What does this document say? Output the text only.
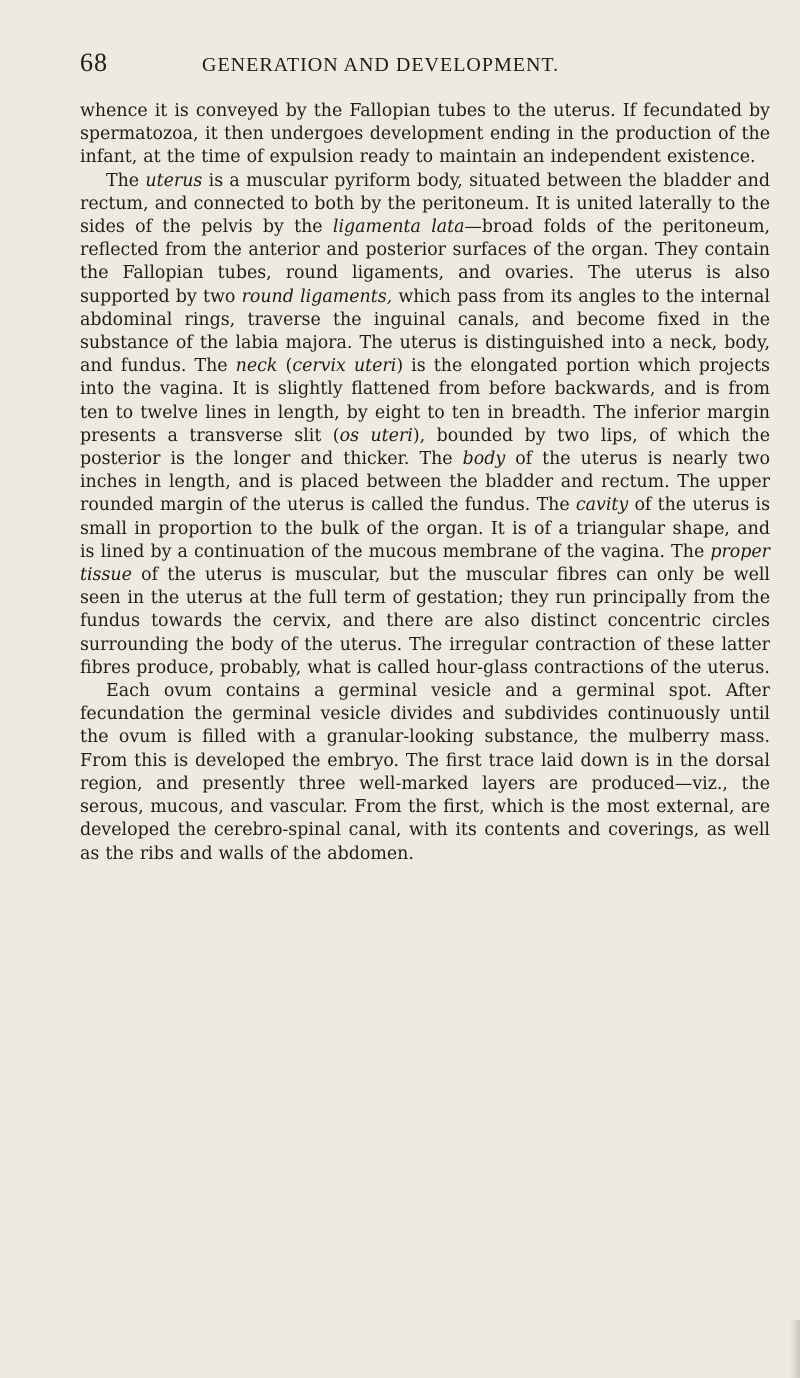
68	GENERATION AND DEVELOPMENT.

whence it is conveyed by the Fallopian tubes to the uterus. If fecundated by spermatozoa, it then undergoes development ending in the production of the infant, at the time of expulsion ready to maintain an independent existence.

The uterus is a muscular pyriform body, situated between the bladder and rectum, and connected to both by the peritoneum. It is united laterally to the sides of the pelvis by the ligamenta lata—broad folds of the peritoneum, reflected from the anterior and posterior surfaces of the organ. They contain the Fallopian tubes, round ligaments, and ovaries. The uterus is also supported by two round ligaments, which pass from its angles to the internal abdominal rings, traverse the inguinal canals, and become fixed in the substance of the labia majora. The uterus is distinguished into a neck, body, and fundus. The neck (cervix uteri) is the elongated portion which projects into the vagina. It is slightly flattened from before backwards, and is from ten to twelve lines in length, by eight to ten in breadth. The inferior margin presents a transverse slit (os uteri), bounded by two lips, of which the posterior is the longer and thicker. The body of the uterus is nearly two inches in length, and is placed between the bladder and rectum. The upper rounded margin of the uterus is called the fundus. The cavity of the uterus is small in proportion to the bulk of the organ. It is of a triangular shape, and is lined by a continuation of the mucous membrane of the vagina. The proper tissue of the uterus is muscular, but the muscular fibres can only be well seen in the uterus at the full term of gestation; they run principally from the fundus towards the cervix, and there are also distinct concentric circles surrounding the body of the uterus. The irregular contraction of these latter fibres produce, probably, what is called hour-glass contractions of the uterus.

Each ovum contains a germinal vesicle and a germinal spot. After fecundation the germinal vesicle divides and subdivides continuously until the ovum is filled with a granular-looking substance, the mulberry mass. From this is developed the embryo. The first trace laid down is in the dorsal region, and presently three well-marked layers are produced—viz., the serous, mucous, and vascular. From the first, which is the most external, are developed the cerebro-spinal canal, with its contents and coverings, as well as the ribs and walls of the abdomen.
